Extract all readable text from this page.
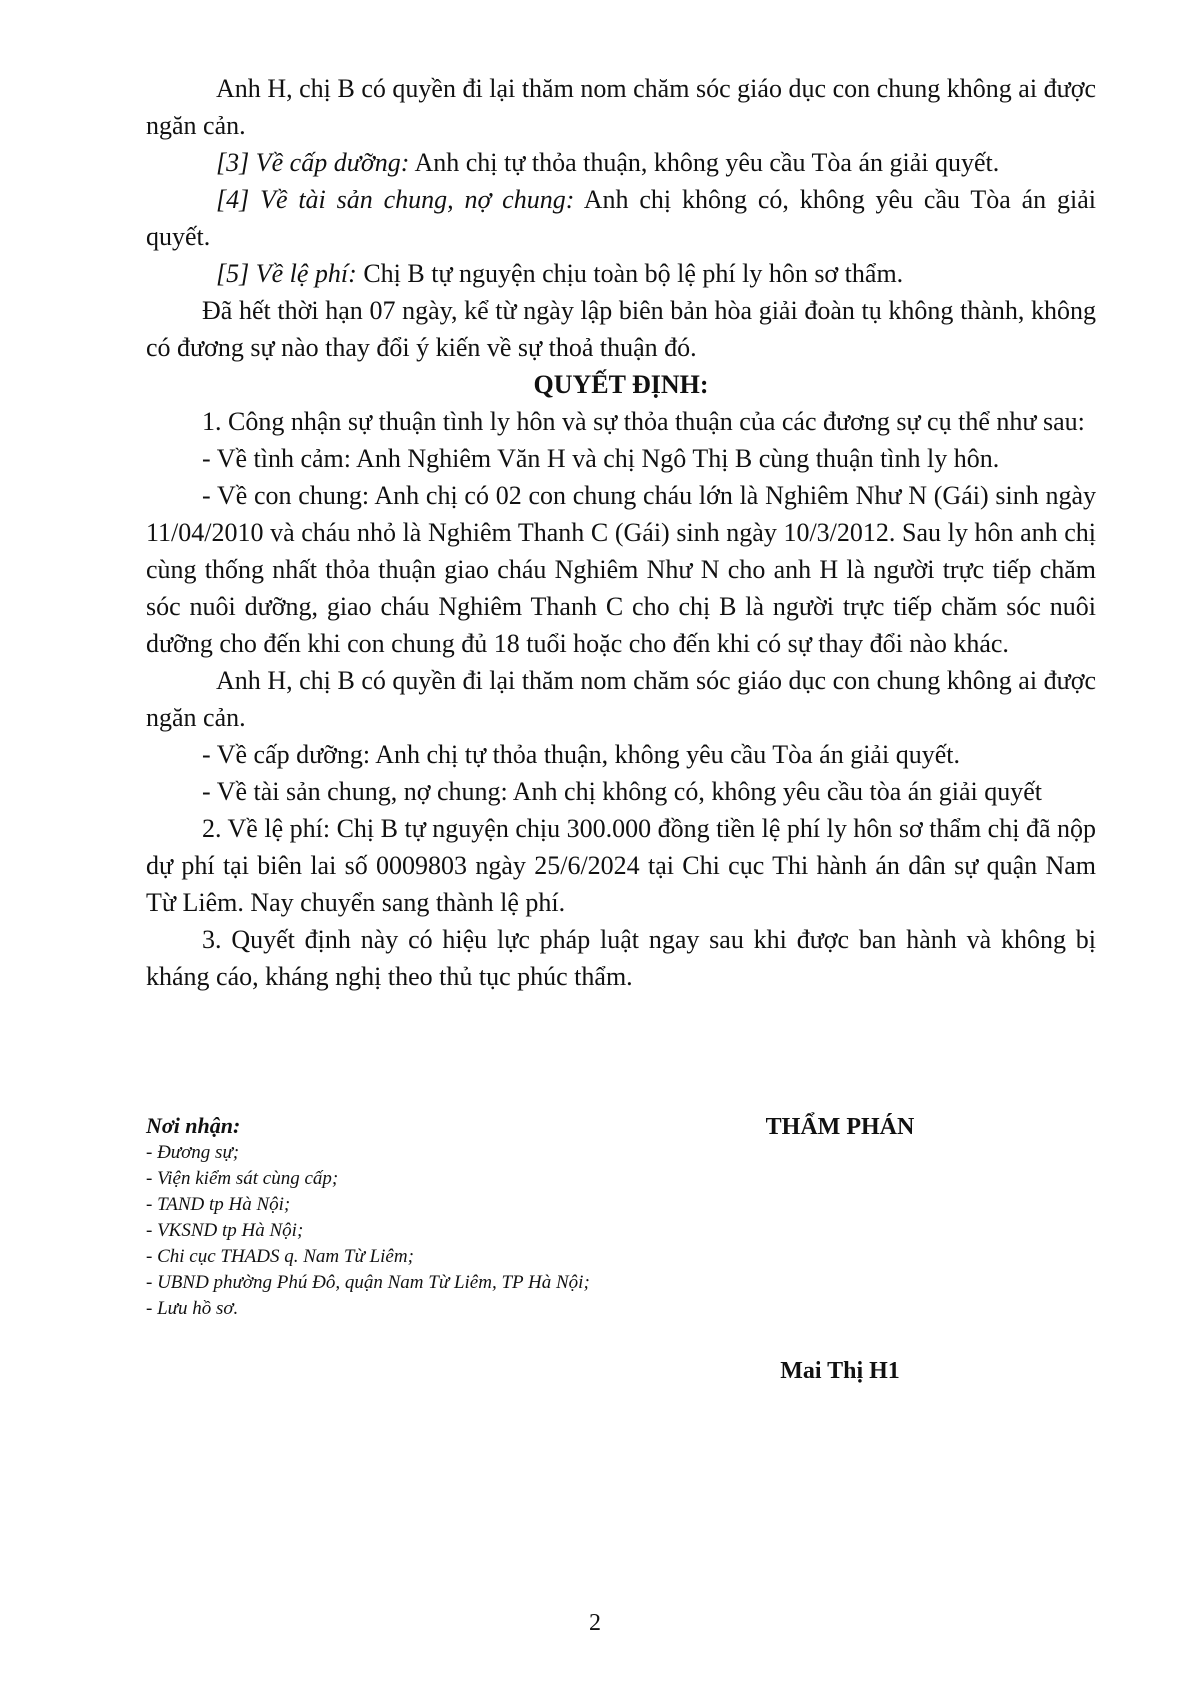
Anh H, chị B có quyền đi lại thăm nom chăm sóc giáo dục con chung không ai được ngăn cản.

[3] Về cấp dưỡng: Anh chị tự thỏa thuận, không yêu cầu Tòa án giải quyết.

[4] Về tài sản chung, nợ chung: Anh chị không có, không yêu cầu Tòa án giải quyết.

[5] Về lệ phí: Chị B tự nguyện chịu toàn bộ lệ phí ly hôn sơ thẩm.

Đã hết thời hạn 07 ngày, kể từ ngày lập biên bản hòa giải đoàn tụ không thành, không có đương sự nào thay đổi ý kiến về sự thoả thuận đó.

QUYẾT ĐỊNH:

1. Công nhận sự thuận tình ly hôn và sự thỏa thuận của các đương sự cụ thể như sau:

- Về tình cảm: Anh Nghiêm Văn H và chị Ngô Thị B cùng thuận tình ly hôn.

- Về con chung: Anh chị có 02 con chung cháu lớn là Nghiêm Như N (Gái) sinh ngày 11/04/2010 và cháu nhỏ là Nghiêm Thanh C (Gái) sinh ngày 10/3/2012. Sau ly hôn anh chị cùng thống nhất thỏa thuận giao cháu Nghiêm Như N cho anh H là người trực tiếp chăm sóc nuôi dưỡng, giao cháu Nghiêm Thanh C cho chị B là người trực tiếp chăm sóc nuôi dưỡng cho đến khi con chung đủ 18 tuổi hoặc cho đến khi có sự thay đổi nào khác.

Anh H, chị B có quyền đi lại thăm nom chăm sóc giáo dục con chung không ai được ngăn cản.

- Về cấp dưỡng: Anh chị tự thỏa thuận, không yêu cầu Tòa án giải quyết.

- Về tài sản chung, nợ chung: Anh chị không có, không yêu cầu tòa án giải quyết

2. Về lệ phí: Chị B tự nguyện chịu 300.000 đồng tiền lệ phí ly hôn sơ thẩm chị đã nộp dự phí tại biên lai số 0009803 ngày 25/6/2024 tại Chi cục Thi hành án dân sự quận Nam Từ Liêm. Nay chuyển sang thành lệ phí.

3. Quyết định này có hiệu lực pháp luật ngay sau khi được ban hành và không bị kháng cáo, kháng nghị theo thủ tục phúc thẩm.

Nơi nhận:
- Đương sự;
- Viện kiểm sát cùng cấp;
- TAND tp Hà Nội;
- VKSND tp Hà Nội;
- Chi cục THADS q. Nam Từ Liêm;
- UBND phường Phú Đô, quận Nam Từ Liêm, TP Hà Nội;
- Lưu hồ sơ.
THẨM PHÁN
Mai Thị H1
2
